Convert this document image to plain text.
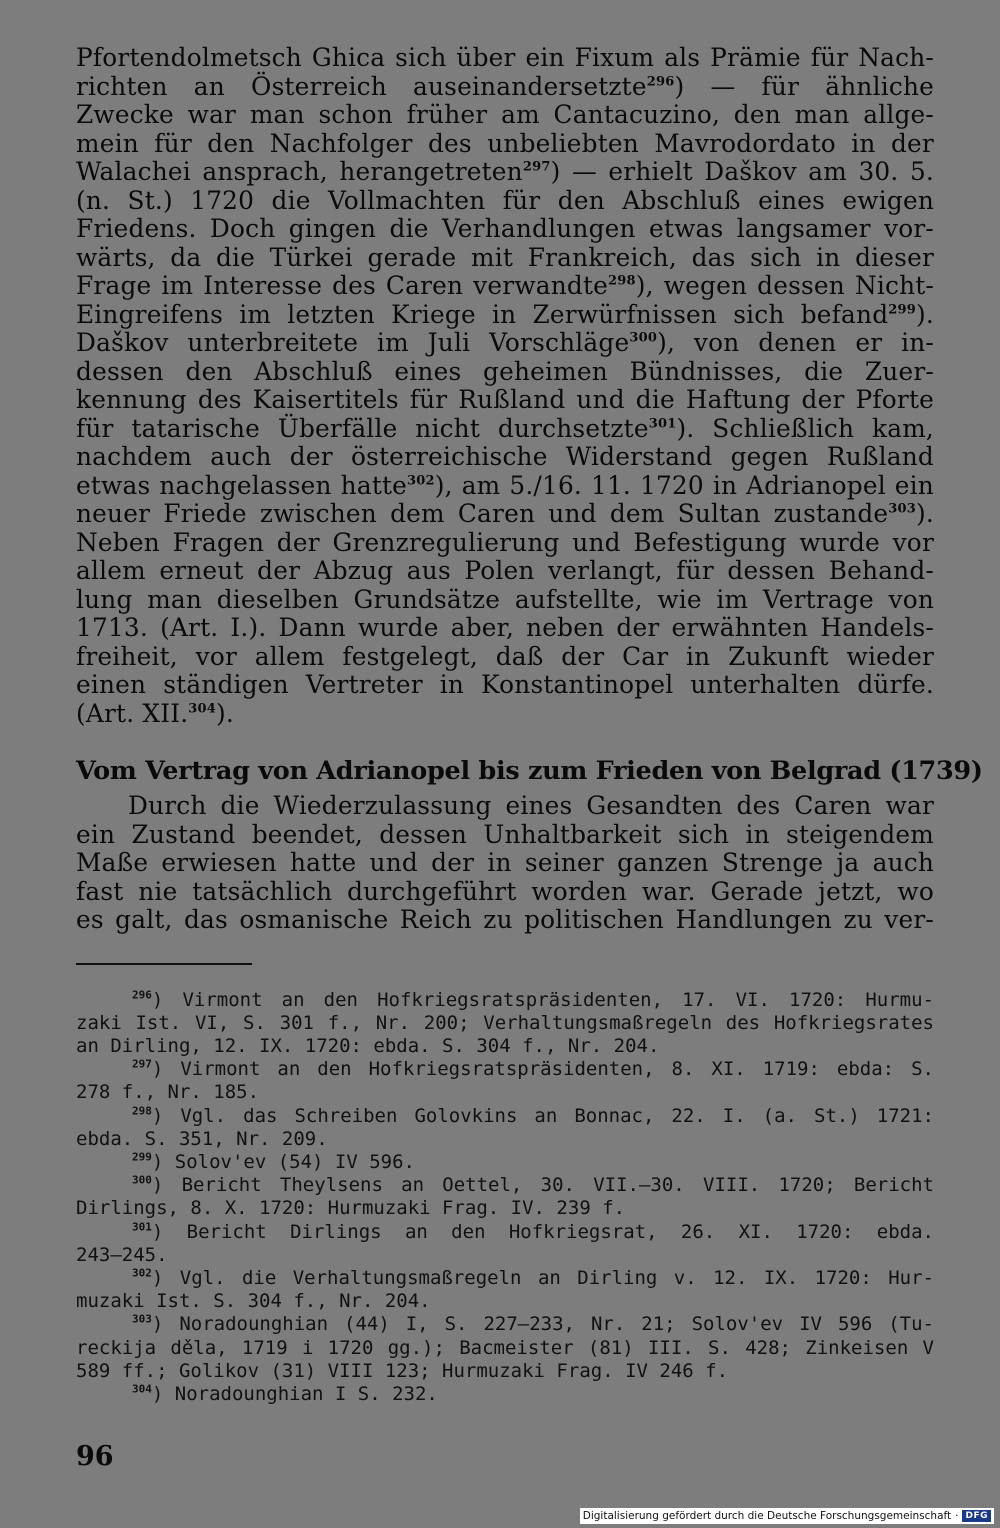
Pfortendolmetsch Ghica sich über ein Fixum als Prämie für Nach-
richten an Österreich auseinandersetzte$^{296}$) — für ähnliche
Zwecke war man schon früher am Cantacuzino, den man allge-
mein für den Nachfolger des unbeliebten Mavrodordato in der
Walachei ansprach, herangetreten$^{297}$) — erhielt Daškov am 30. 5.
(n. St.) 1720 die Vollmachten für den Abschluß eines ewigen
Friedens. Doch gingen die Verhandlungen etwas langsamer vor-
wärts, da die Türkei gerade mit Frankreich, das sich in dieser
Frage im Interesse des Caren verwandte$^{298}$), wegen dessen Nicht-
Eingreifens im letzten Kriege in Zerwürfnissen sich befand$^{299}$).
Daškov unterbreitete im Juli Vorschläge$^{300}$), von denen er in-
dessen den Abschluß eines geheimen Bündnisses, die Zuer-
kennung des Kaisertitels für Rußland und die Haftung der Pforte
für tatarische Überfälle nicht durchsetzte$^{301}$). Schließlich kam,
nachdem auch der österreichische Widerstand gegen Rußland
etwas nachgelassen hatte$^{302}$), am 5./16. 11. 1720 in Adrianopel ein
neuer Friede zwischen dem Caren und dem Sultan zustande$^{303}$).
Neben Fragen der Grenzregulierung und Befestigung wurde vor
allem erneut der Abzug aus Polen verlangt, für dessen Behand-
lung man dieselben Grundsätze aufstellte, wie im Vertrage von
1713. (Art. I.). Dann wurde aber, neben der erwähnten Handels-
freiheit, vor allem festgelegt, daß der Car in Zukunft wieder
einen ständigen Vertreter in Konstantinopel unterhalten dürfe.
(Art. XII.$^{304}$).
Vom Vertrag von Adrianopel bis zum Frieden von Belgrad (1739)
Durch die Wiederzulassung eines Gesandten des Caren war
ein Zustand beendet, dessen Unhaltbarkeit sich in steigendem
Maße erwiesen hatte und der in seiner ganzen Strenge ja auch
fast nie tatsächlich durchgeführt worden war. Gerade jetzt, wo
es galt, das osmanische Reich zu politischen Handlungen zu ver-
$^{296}$) Virmont an den Hofkriegsratspräsidenten, 17. VI. 1720: Hurmu-
zaki Ist. VI, S. 301 f., Nr. 200; Verhaltungsmaßregeln des Hofkriegsrates
an Dirling, 12. IX. 1720: ebda. S. 304 f., Nr. 204.
$^{297}$) Virmont an den Hofkriegsratspräsidenten, 8. XI. 1719: ebda: S.
278 f., Nr. 185.
$^{298}$) Vgl. das Schreiben Golovkins an Bonnac, 22. I. (a. St.) 1721:
ebda. S. 351, Nr. 209.
$^{299}$) Solov'ev (54) IV 596.
$^{300}$) Bericht Theylsens an Oettel, 30. VII.—30. VIII. 1720; Bericht
Dirlings, 8. X. 1720: Hurmuzaki Frag. IV. 239 f.
$^{301}$) Bericht Dirlings an den Hofkriegsrat, 26. XI. 1720: ebda.
243—245.
$^{302}$) Vgl. die Verhaltungsmaßregeln an Dirling v. 12. IX. 1720: Hur-
muzaki Ist. S. 304 f., Nr. 204.
$^{303}$) Noradounghian (44) I, S. 227—233, Nr. 21; Solov'ev IV 596 (Tu-
reckija děla, 1719 i 1720 gg.); Bacmeister (81) III. S. 428; Zinkeisen V
589 ff.; Golikov (31) VIII 123; Hurmuzaki Frag. IV 246 f.
$^{304}$) Noradounghian I S. 232.
96
Digitalisierung gefördert durch die Deutsche Forschungsgemeinschaft · DFG
